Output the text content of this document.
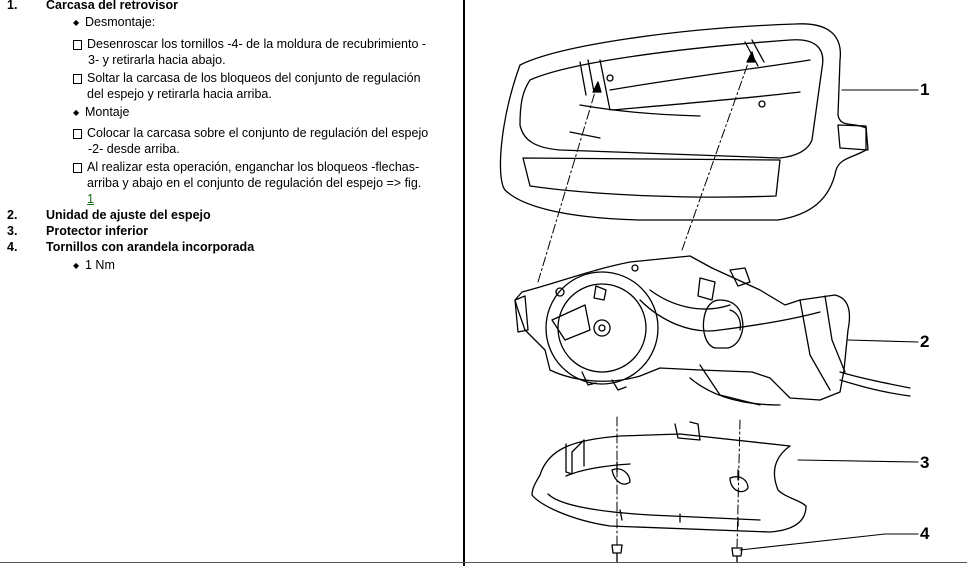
1.	Carcasa del retrovisor
◆ Desmontaje:
Desenroscar los tornillos -4- de la moldura de recubrimiento -
3- y retirarla hacia abajo.
Soltar la carcasa de los bloqueos del conjunto de regulación
del espejo y retirarla hacia arriba.
◆ Montaje
Colocar la carcasa sobre el conjunto de regulación del espejo
-2- desde arriba.
Al realizar esta operación, enganchar los bloqueos -flechas-
arriba y abajo en el conjunto de regulación del espejo => fig.
1
2.	Unidad de ajuste del espejo
3.	Protector inferior
4.	Tornillos con arandela incorporada
◆ 1 Nm
1
2
3
4
